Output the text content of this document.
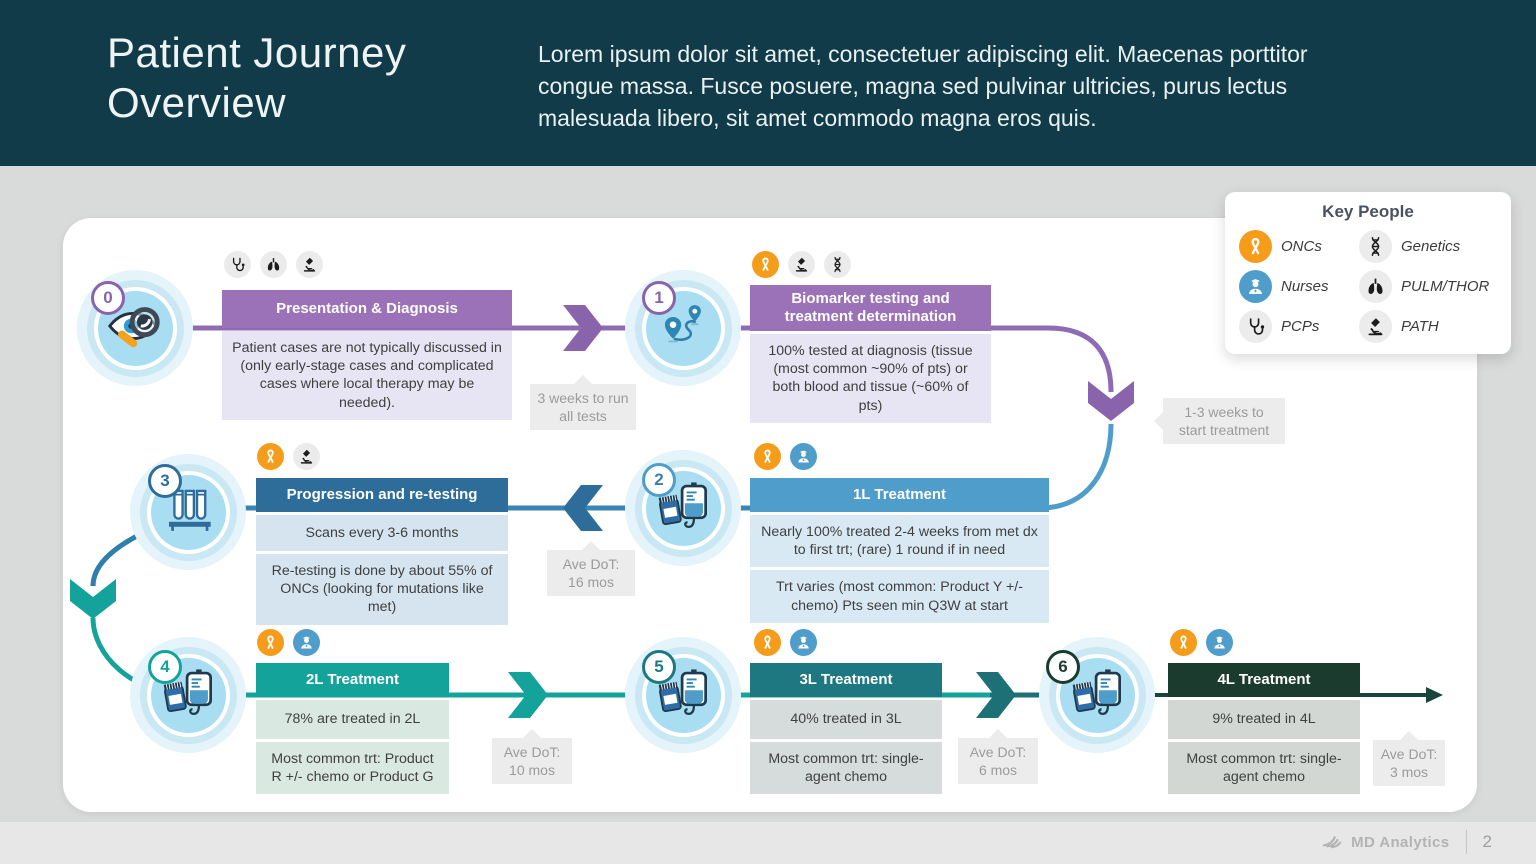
Patient Journey
Overview
Lorem ipsum dolor sit amet, consectetuer adipiscing elit. Maecenas porttitor congue massa. Fusce posuere, magna sed pulvinar ultricies, purus lectus malesuada libero, sit amet commodo magna eros quis.
MD Analytics 2
3 weeks to run all tests	1-3 weeks to start treatment
Ave DoT:
16 mos
Ave DoT:
10 mos
Ave DoT:
6 mos
Ave DoT:
3 mos
0	1
2
3
4	5	6
Presentation & Diagnosis
Patient cases are not typically discussed in (only early-stage cases and complicated cases where local therapy may be needed).
Biomarker testing and treatment determination
100% tested at diagnosis (tissue (most common ~90% of pts) or both blood and tissue (~60% of pts)
1L Treatment
Nearly 100% treated 2-4 weeks from met dx to first trt; (rare) 1 round if in need
Trt varies (most common: Product Y +/- chemo) Pts seen min Q3W at start
Progression and re-testing
Scans every 3-6 months
Re-testing is done by about 55% of ONCs (looking for mutations like met)
2L Treatment
78% are treated in 2L
Most common trt: Product R +/- chemo or Product G
3L Treatment
40% treated in 3L
Most common trt: single-agent chemo
4L Treatment
9% treated in 4L
Most common trt: single-agent chemo
Key People
ONCs	Genetics
Nurses	PULM/THOR
PCPs	PATH
